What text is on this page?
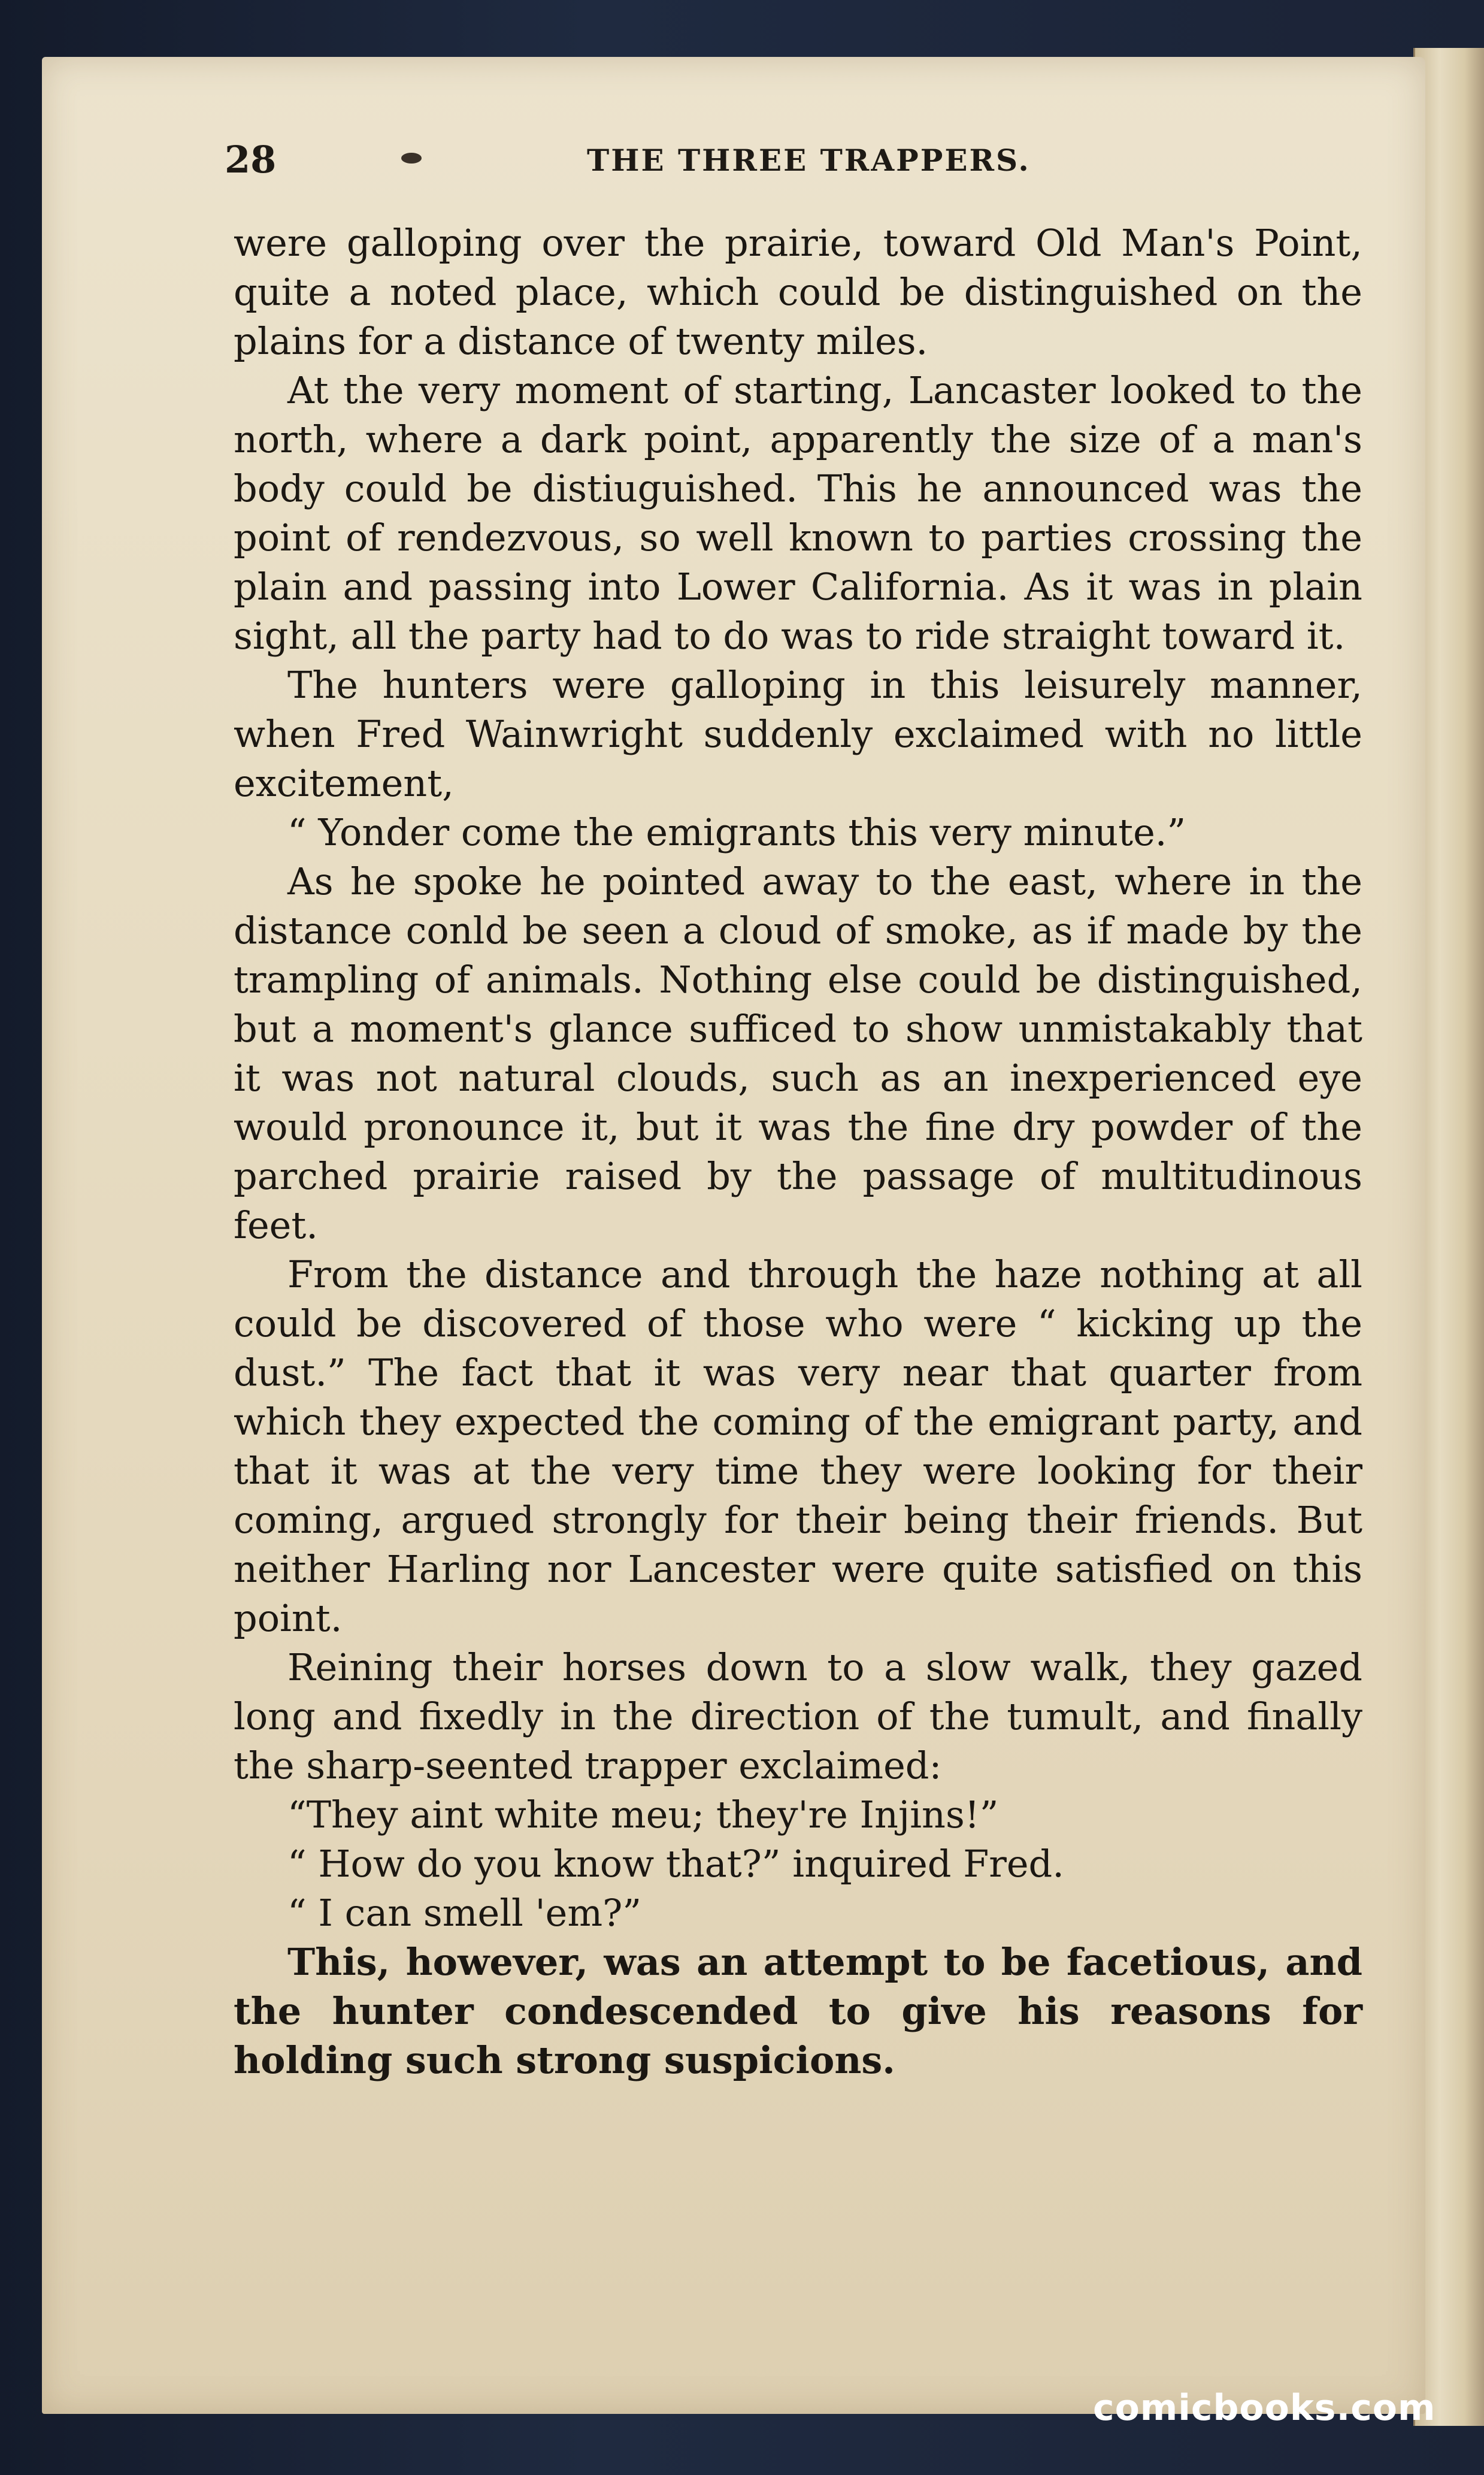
28	THE THREE TRAPPERS.

were galloping over the prairie, toward Old Man's Point, quite a noted place, which could be distinguished on the plains for a distance of twenty miles.

At the very moment of starting, Lancaster looked to the north, where a dark point, apparently the size of a man's body could be distiuguished. This he announced was the point of rendezvous, so well known to parties crossing the plain and passing into Lower California. As it was in plain sight, all the party had to do was to ride straight toward it.

The hunters were galloping in this leisurely manner, when Fred Wainwright suddenly exclaimed with no little excitement,

“ Yonder come the emigrants this very minute.”

As he spoke he pointed away to the east, where in the distance conld be seen a cloud of smoke, as if made by the trampling of animals. Nothing else could be distinguished, but a moment's glance sufficed to show unmistakably that it was not natural clouds, such as an inexperienced eye would pronounce it, but it was the fine dry powder of the parched prairie raised by the passage of multitudinous feet.

From the distance and through the haze nothing at all could be discovered of those who were “ kicking up the dust.” The fact that it was very near that quarter from which they expected the coming of the emigrant party, and that it was at the very time they were looking for their coming, argued strongly for their being their friends. But neither Harling nor Lancester were quite satisfied on this point.

Reining their horses down to a slow walk, they gazed long and fixedly in the direction of the tumult, and finally the sharp-seented trapper exclaimed:

“They aint white meu; they're Injins!”

“ How do you know that?” inquired Fred.

“ I can smell 'em?”

This, however, was an attempt to be facetious, and the hunter condescended to give his reasons for holding such strong suspicions.

comicbooks.com
